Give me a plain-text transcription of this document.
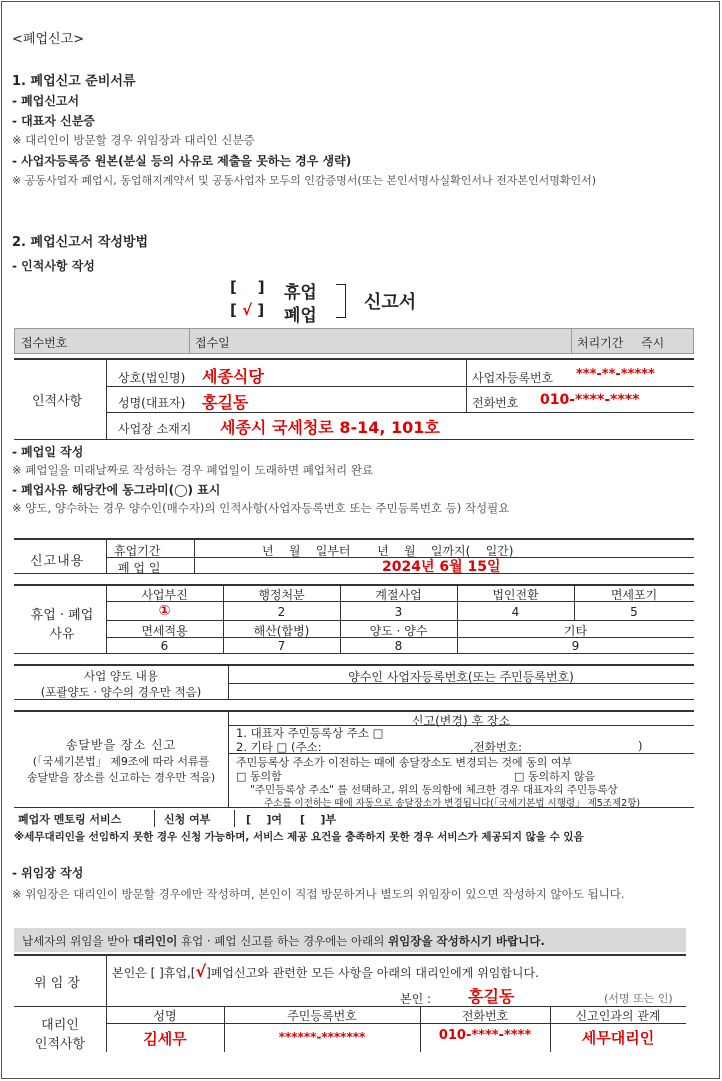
<폐업신고>
1. 폐업신고 준비서류
- 폐업신고서
- 대표자 신분증
※ 대리인이 방문할 경우 위임장과 대리인 신분증
- 사업자등록증 원본(분실 등의 사유로 제출을 못하는 경우 생략)
※ 공동사업자 폐업시, 동업해지계약서 및 공동사업자 모두의 인감증명서(또는 본인서명사실확인서나 전자본인서명확인서)
2. 폐업신고서 작성방법
- 인적사항 작성
[    ] 휴업
[ √ ] 폐업
신고서
접수번호	접수일	처리기간 즉시
인적사항
상호(법인명) 세종식당	사업자등록번호 ***-**-*****
성명(대표자) 홍길동	전화번호 010-****-****
사업장 소재지 세종시 국세청로 8-14, 101호
- 폐업일 작성
※ 폐업일을 미래날짜로 작성하는 경우 폐업일이 도래하면 폐업처리 완료
- 폐업사유 해당칸에 동그라미(◯) 표시
※ 양도, 양수하는 경우 양수인(매수자)의 인적사항(사업자등록번호 또는 주민등록번호 등) 작성필요
신고내용
휴업기간	년    월    일부터       년    월    일까지(    일간)
폐 업 일	2024년 6월 15일
휴업 · 폐업
사유
사업부진	행정처분	계절사업	법인전환	면세포기
①	2	3	4	5
면세적용	해산(합병)	양도 · 양수	기타
6	7	8	9
사업 양도 내용
(포괄양도 · 양수의 경우만 적음)
양수인 사업자등록번호(또는 주민등록번호)
송달받을 장소 신고
(「국세기본법」 제9조에 따라 서류를
송달받을 장소를 신고하는 경우만 적음)
신고(변경) 후 장소
1. 대표자 주민등록상 주소 □
2. 기타 □ (주소:	,전화번호:	)
주민등록상 주소가 이전하는 때에 송달장소도 변경되는 것에 동의 여부
□ 동의함	□ 동의하지 않음
"주민등록상 주소" 를 선택하고, 위의 동의함에 체크한 경우 대표자의 주민등록상
주소를 이전하는 때에 자동으로 송달장소가 변경됩니다(「국세기본법 시행령」 제5조제2항)
폐업자 멘토링 서비스	신청 여부	[    ]여 [    ]부
※세무대리인을 선임하지 못한 경우 신청 가능하며, 서비스 제공 요건을 충족하지 못한 경우 서비스가 제공되지 않을 수 있음
- 위임장 작성
※ 위임장은 대리인이 방문할 경우에만 작성하며, 본인이 직접 방문하거나 별도의 위임장이 있으면 작성하지 않아도 됩니다.
납세자의 위임을 받아 대리인이 휴업 · 폐업 신고를 하는 경우에는 아래의 위임장을 작성하시기 바랍니다.
위 임 장
본인은 [ ]휴업,[√]폐업신고와 관련한 모든 사항을 아래의 대리인에게 위임합니다.
본인 : 홍길동	(서명 또는 인)
대리인
인적사항
성명	주민등록번호	전화번호	신고인과의 관계
김세무	******-*******	010-****-****	세무대리인
